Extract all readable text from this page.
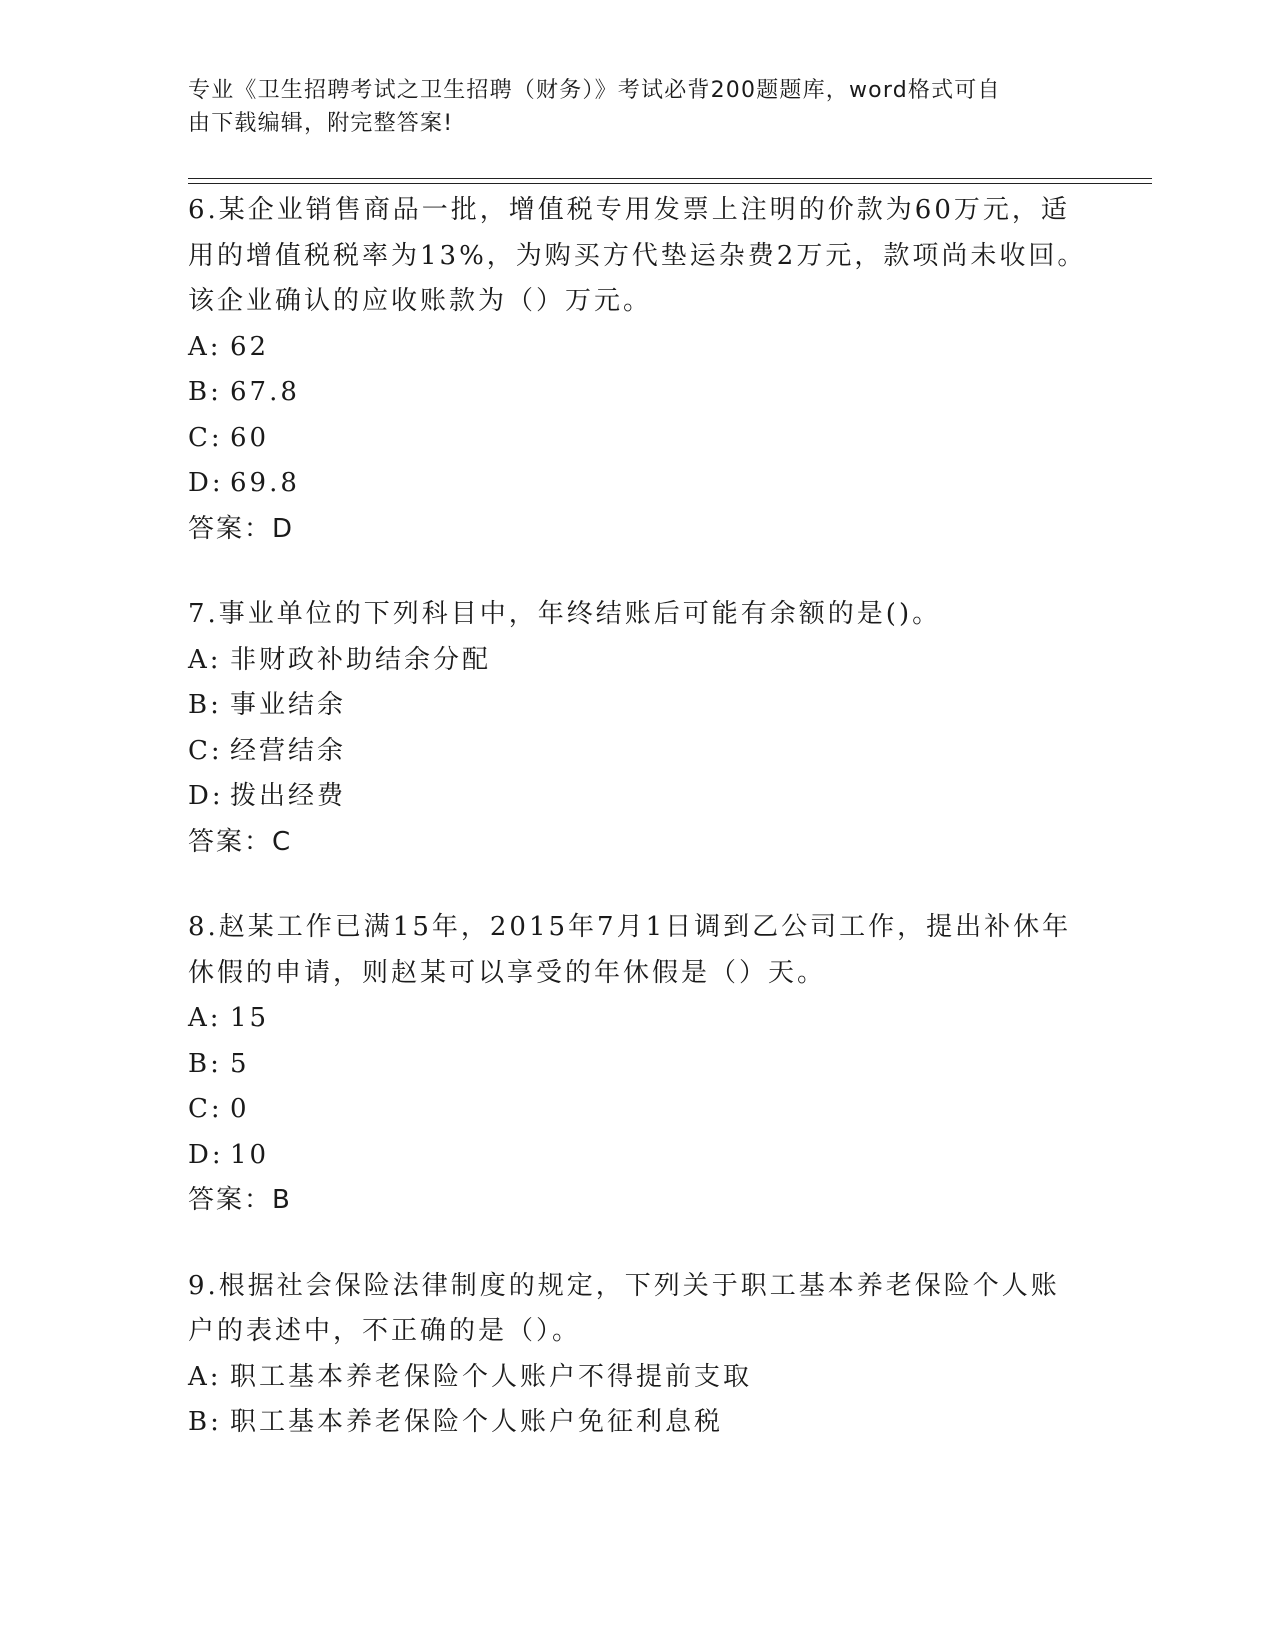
专业《卫生招聘考试之卫生招聘（财务）》考试必背200题题库，word格式可自
由下载编辑，附完整答案!

6.某企业销售商品一批，增值税专用发票上注明的价款为60万元，适用的增值税税率为13%，为购买方代垫运杂费2万元，款项尚未收回。该企业确认的应收账款为（）万元。

A: 62

B: 67.8

C: 60

D: 69.8

答案：D

7.事业单位的下列科目中，年终结账后可能有余额的是()。

A: 非财政补助结余分配

B: 事业结余

C: 经营结余

D: 拨出经费

答案：C

8.赵某工作已满15年，2015年7月1日调到乙公司工作，提出补休年休假的申请，则赵某可以享受的年休假是（）天。

A: 15

B: 5

C: 0

D: 10

答案：B

9.根据社会保险法律制度的规定，下列关于职工基本养老保险个人账户的表述中，不正确的是（）。

A: 职工基本养老保险个人账户不得提前支取

B: 职工基本养老保险个人账户免征利息税
